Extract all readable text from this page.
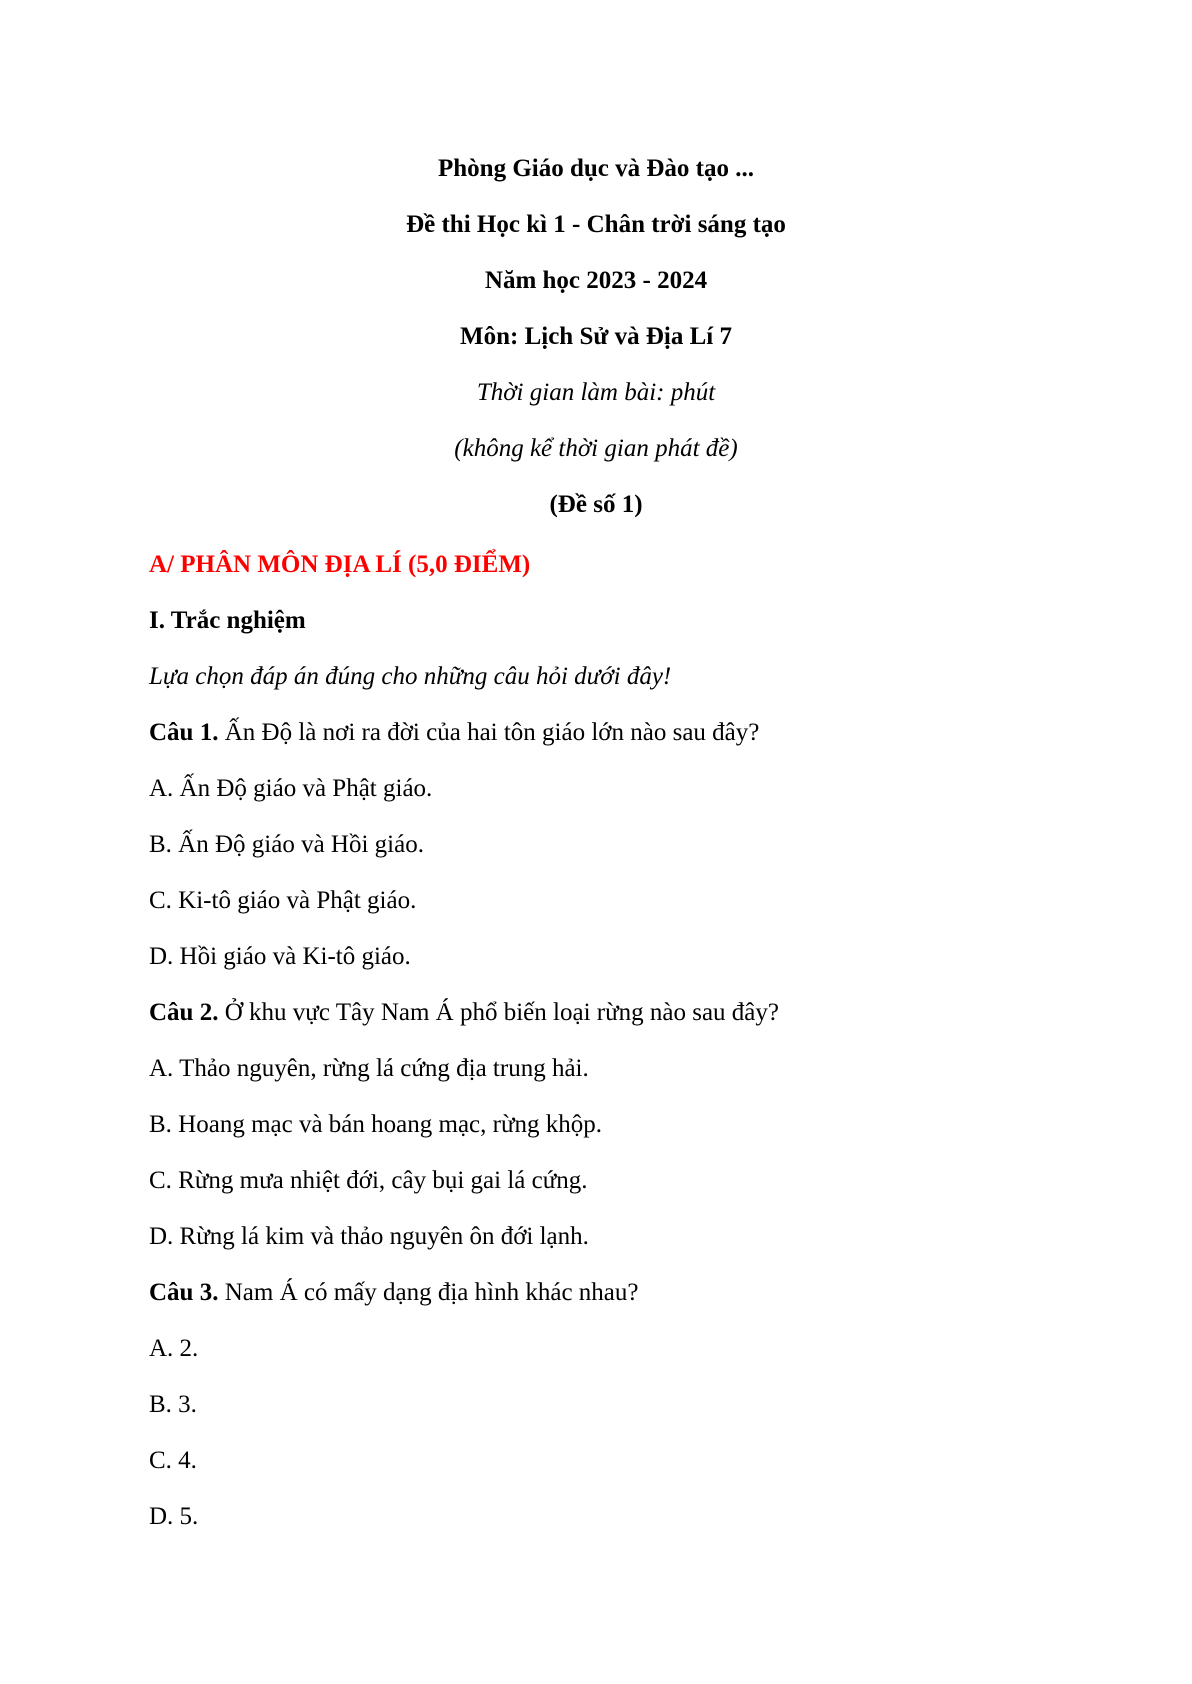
Phòng Giáo dục và Đào tạo ...
Đề thi Học kì 1 - Chân trời sáng tạo
Năm học 2023 - 2024
Môn: Lịch Sử và Địa Lí 7
Thời gian làm bài: phút
(không kể thời gian phát đề)
(Đề số 1)
A/ PHÂN MÔN ĐỊA LÍ (5,0 ĐIỂM)
I. Trắc nghiệm
Lựa chọn đáp án đúng cho những câu hỏi dưới đây!
Câu 1. Ấn Độ là nơi ra đời của hai tôn giáo lớn nào sau đây?
A. Ấn Độ giáo và Phật giáo.
B. Ấn Độ giáo và Hồi giáo.
C. Ki-tô giáo và Phật giáo.
D. Hồi giáo và Ki-tô giáo.
Câu 2. Ở khu vực Tây Nam Á phổ biến loại rừng nào sau đây?
A. Thảo nguyên, rừng lá cứng địa trung hải.
B. Hoang mạc và bán hoang mạc, rừng khộp.
C. Rừng mưa nhiệt đới, cây bụi gai lá cứng.
D. Rừng lá kim và thảo nguyên ôn đới lạnh.
Câu 3. Nam Á có mấy dạng địa hình khác nhau?
A. 2.
B. 3.
C. 4.
D. 5.
